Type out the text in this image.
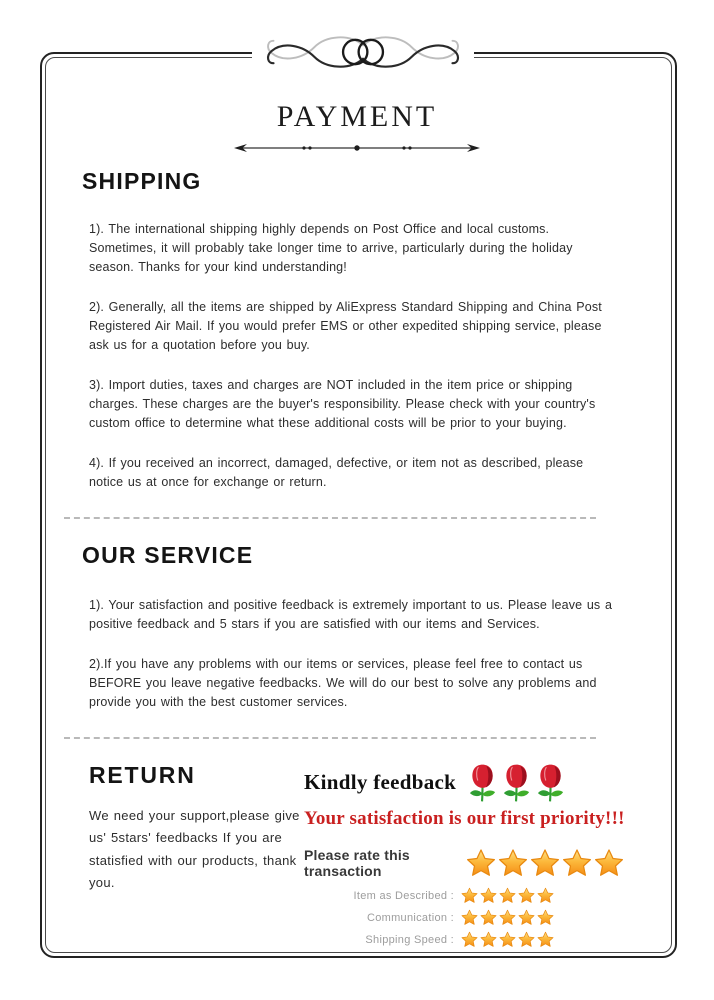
PAYMENT
SHIPPING

1). The international shipping highly depends on Post Office and local customs. Sometimes, it will probably take longer time to arrive, particularly during the holiday season. Thanks for your kind understanding!

2). Generally, all the items are shipped by AliExpress Standard Shipping and China Post Registered Air Mail. If you would prefer EMS or other expedited shipping service, please ask us for a quotation before you buy.

3). Import duties, taxes and charges are NOT included in the item price or shipping charges. These charges are the buyer's responsibility. Please check with your country's custom office to determine what these additional costs will be prior to your buying.

4). If you received an incorrect, damaged, defective, or item not as described, please notice us at once for exchange or return.

OUR SERVICE

1). Your satisfaction and positive feedback is extremely important to us. Please leave us a positive feedback and 5 stars if you are satisfied with our items and Services.

2).If you have any problems with our items or services, please feel free to contact us BEFORE you leave negative feedbacks. We will do our best to solve any problems and provide you with the best customer services.

RETURN
We need your support,please give us' 5stars' feedbacks If you are statisfied with our products, thank you.
Kindly feedback
Your satisfaction is our first priority!!!
Please rate this transaction
Item as Described :
Communication :
Shipping Speed :
